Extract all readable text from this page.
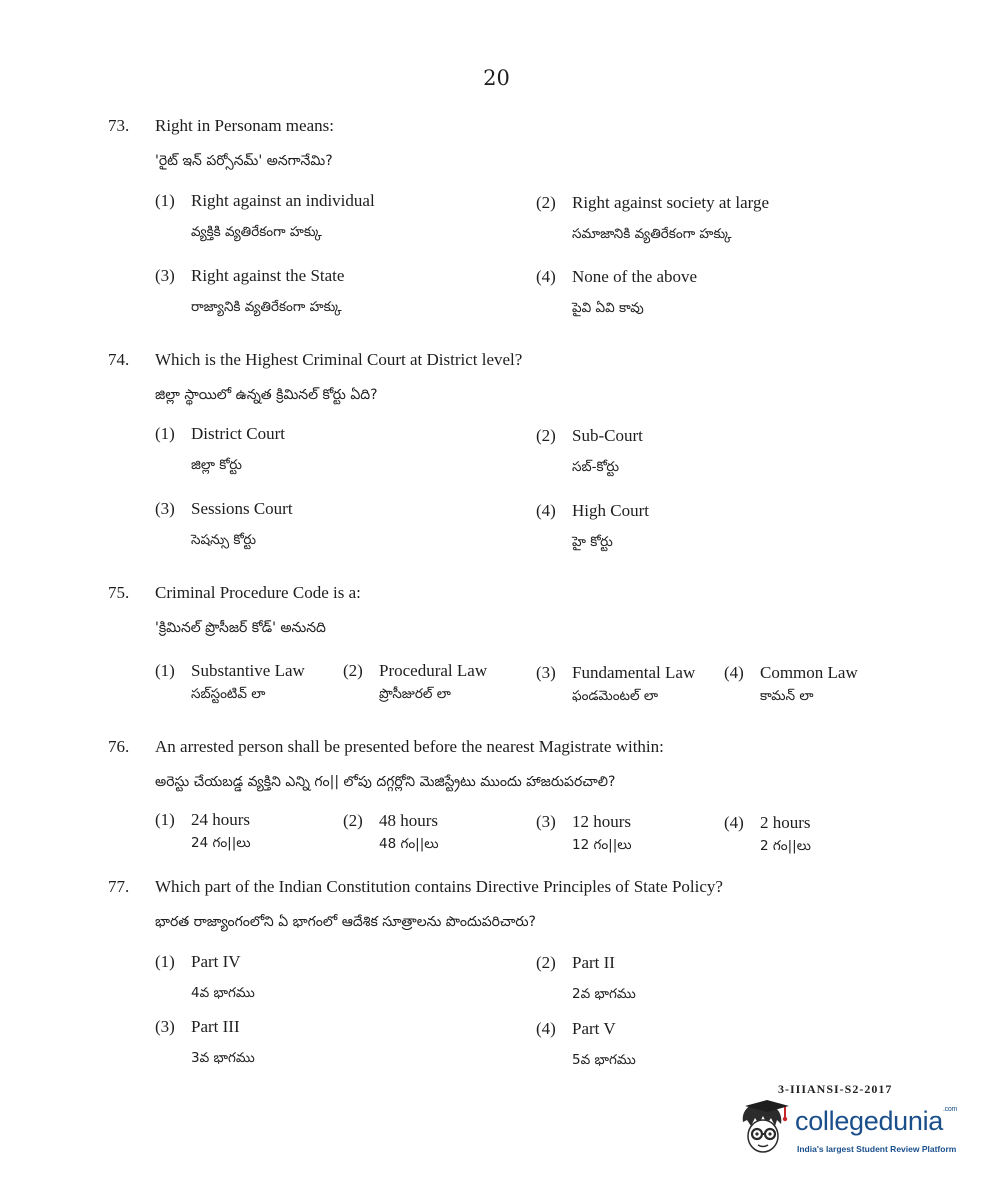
20
73. Right in Personam means:
'రైట్ ఇన్ పర్సోనమ్' అనగానేమి?
(1) Right against an individual
వ్యక్తికి వ్యతిరేకంగా హక్కు
(2) Right against society at large
సమాజానికి వ్యతిరేకంగా హక్కు
(3) Right against the State
రాజ్యానికి వ్యతిరేకంగా హక్కు
(4) None of the above
పైవి ఏవి కావు
74. Which is the Highest Criminal Court at District level?
జిల్లా స్థాయిలో ఉన్నత క్రిమినల్ కోర్టు ఏది?
(1) District Court
జిల్లా కోర్టు
(2) Sub-Court
సబ్-కోర్టు
(3) Sessions Court
సెషన్సు కోర్టు
(4) High Court
హై కోర్టు
75. Criminal Procedure Code is a:
'క్రిమినల్ ప్రొసీజర్ కోడ్' అనునది
(1) Substantive Law
సబ్‌స్టంటివ్ లా
(2) Procedural Law
ప్రొసీజురల్ లా
(3) Fundamental Law
ఫండమెంటల్ లా
(4) Common Law
కామన్ లా
76. An arrested person shall be presented before the nearest Magistrate within:
అరెస్టు చేయబడ్డ వ్యక్తిని ఎన్ని గం|| లోపు దగ్గర్లోని మెజిస్ట్రేటు ముందు హాజరుపరచాలి?
(1) 24 hours
24 గం||లు
(2) 48 hours
48 గం||లు
(3) 12 hours
12 గం||లు
(4) 2 hours
2 గం||లు
77. Which part of the Indian Constitution contains Directive Principles of State Policy?
భారత రాజ్యాంగంలోని ఏ భాగంలో ఆదేశిక సూత్రాలను పొందుపరిచారు?
(1) Part IV
4వ భాగము
(2) Part II
2వ భాగము
(3) Part III
3వ భాగము
(4) Part V
5వ భాగము
3-IIIANSI-S2-2017
collegedunia$^{.com}$
India's largest Student Review Platform
